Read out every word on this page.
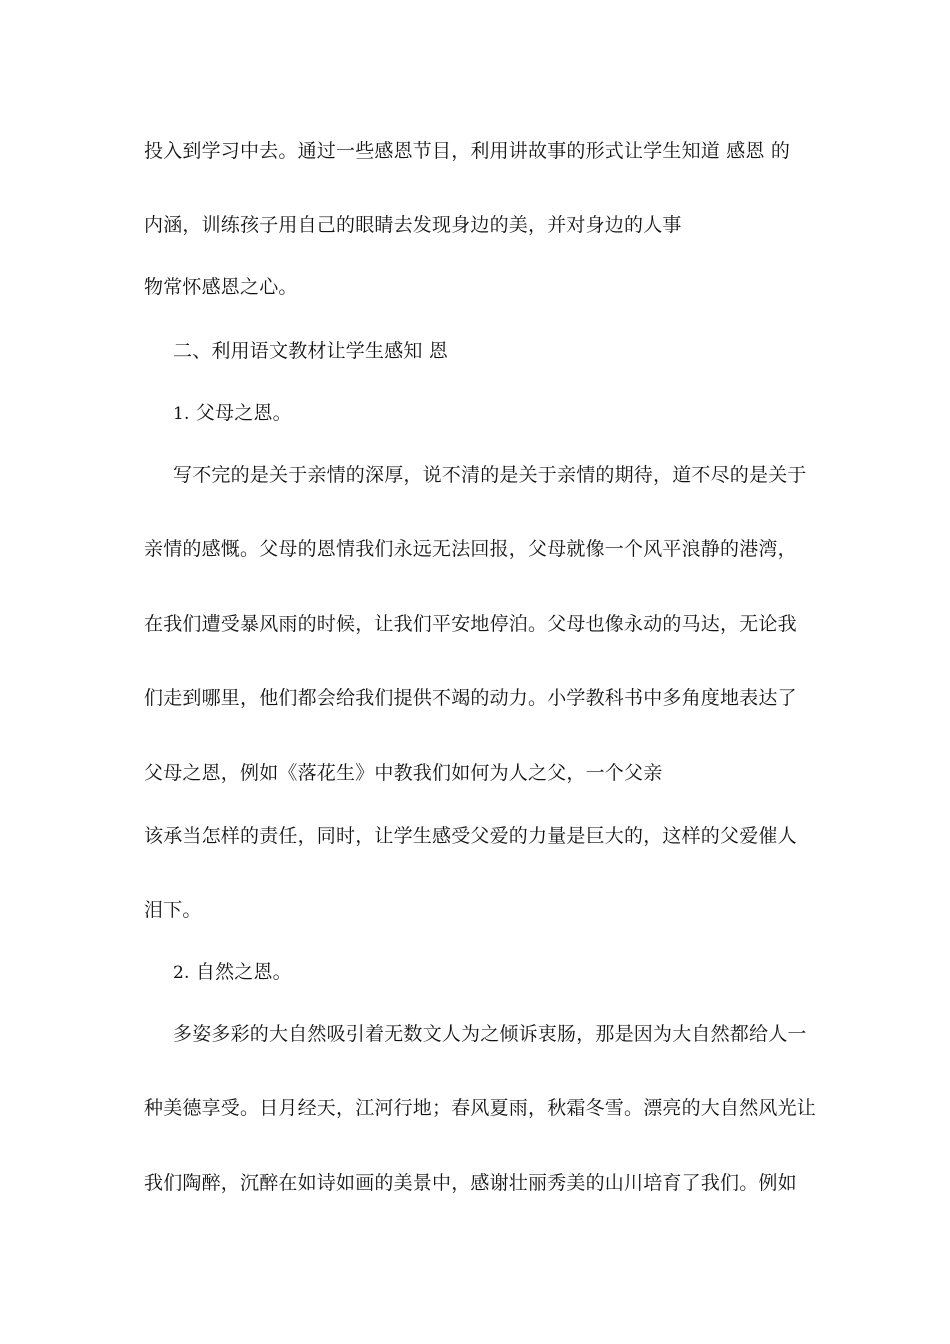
投入到学习中去。通过一些感恩节目，利用讲故事的形式让学生知道 感恩 的
内涵，训练孩子用自己的眼睛去发现身边的美，并对身边的人事
物常怀感恩之心。
二、利用语文教材让学生感知 恩
1. 父母之恩。
写不完的是关于亲情的深厚，说不清的是关于亲情的期待，道不尽的是关于
亲情的感慨。父母的恩情我们永远无法回报，父母就像一个风平浪静的港湾，
在我们遭受暴风雨的时候，让我们平安地停泊。父母也像永动的马达，无论我
们走到哪里，他们都会给我们提供不竭的动力。小学教科书中多角度地表达了
父母之恩，例如《落花生》中教我们如何为人之父，一个父亲
该承当怎样的责任，同时，让学生感受父爱的力量是巨大的，这样的父爱催人
泪下。
2. 自然之恩。
多姿多彩的大自然吸引着无数文人为之倾诉衷肠，那是因为大自然都给人一
种美德享受。日月经天，江河行地；春风夏雨，秋霜冬雪。漂亮的大自然风光让
我们陶醉，沉醉在如诗如画的美景中，感谢壮丽秀美的山川培育了我们。例如
